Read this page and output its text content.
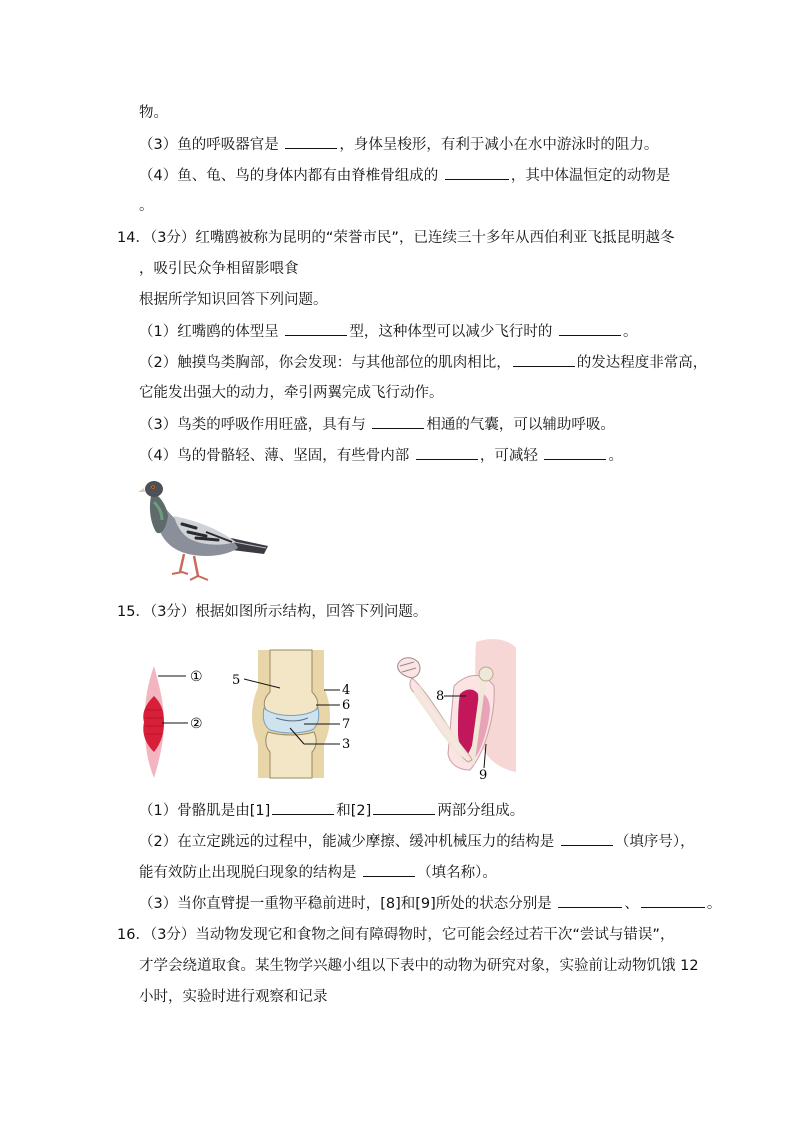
物。
（3）鱼的呼吸器官是	，身体呈梭形，有利于减小在水中游泳时的阻力。
（4）鱼、龟、鸟的身体内都有由脊椎骨组成的	，其中体温恒定的动物是
。
14．（3分）红嘴鸥被称为昆明的“荣誉市民”，已连续三十多年从西伯利亚飞抵昆明越冬
，吸引民众争相留影喂食
根据所学知识回答下列问题。
（1）红嘴鸥的体型呈	型，这种体型可以减少飞行时的	。
（2）触摸鸟类胸部，你会发现：与其他部位的肌肉相比，	的发达程度非常高，
它能发出强大的动力，牵引两翼完成飞行动作。
（3）鸟类的呼吸作用旺盛，具有与	相通的气囊，可以辅助呼吸。
（4）鸟的骨骼轻、薄、坚固，有些骨内部	，可减轻	。
15．（3分）根据如图所示结构，回答下列问题。
①
②
5
4
6
7
3
8
9
（1）骨骼肌是由[1]	和[2]	两部分组成。
（2）在立定跳远的过程中，能减少摩擦、缓冲机械压力的结构是	（填序号），
能有效防止出现脱臼现象的结构是	（填名称）。
（3）当你直臂提一重物平稳前进时，[8]和[9]所处的状态分别是	、	。
16．（3分）当动物发现它和食物之间有障碍物时，它可能会经过若干次“尝试与错误”，
才学会绕道取食。某生物学兴趣小组以下表中的动物为研究对象，实验前让动物饥饿 12
小时，实验时进行观察和记录
